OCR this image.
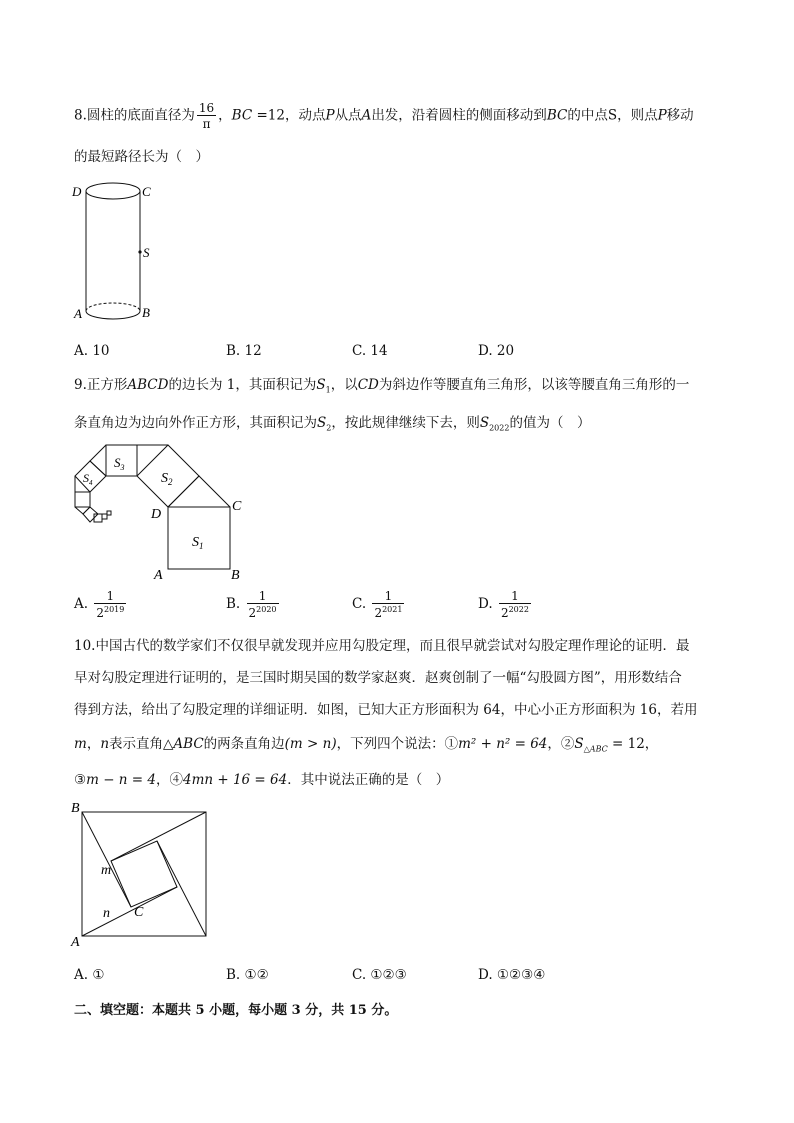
8.圆柱的底面直径为 $\frac{16}{\pi}$ ，BC =12，动点P从点A出发，沿着圆柱的侧面移动到BC的中点S，则点P移动
的最短路径长为（　）
D	C
S
A	B
A. 10	B. 12	C. 14	D. 20
9.正方形ABCD的边长为 1，其面积记为$S_1$，以CD为斜边作等腰直角三角形，以该等腰直角三角形的一
条直角边为边向外作正方形，其面积记为$S_2$，按此规律继续下去，则$S_{2022}$的值为（　）
$S_1$
$S_2$
$S_3$
$S_4$
D
C
A	B
A. $\frac{1}{2^{2019}}$	B. $\frac{1}{2^{2020}}$	C. $\frac{1}{2^{2021}}$	D. $\frac{1}{2^{2022}}$
10.中国古代的数学家们不仅很早就发现并应用勾股定理，而且很早就尝试对勾股定理作理论的证明．最
早对勾股定理进行证明的，是三国时期吴国的数学家赵爽．赵爽创制了一幅“勾股圆方图”，用形数结合
得到方法，给出了勾股定理的详细证明．如图，已知大正方形面积为 64，中心小正方形面积为 16，若用
m，n表示直角△ABC的两条直角边(m > n)，下列四个说法：①m² + n² = 64，$②S_{\triangle ABC} = 12$，
③m − n = 4，④4mn + 16 = 64．其中说法正确的是（　）
B
m
n C
A
A. ①	B. ①②	C. ①②③	D. ①②③④
二、填空题：本题共 5 小题，每小题 3 分，共 15 分。
